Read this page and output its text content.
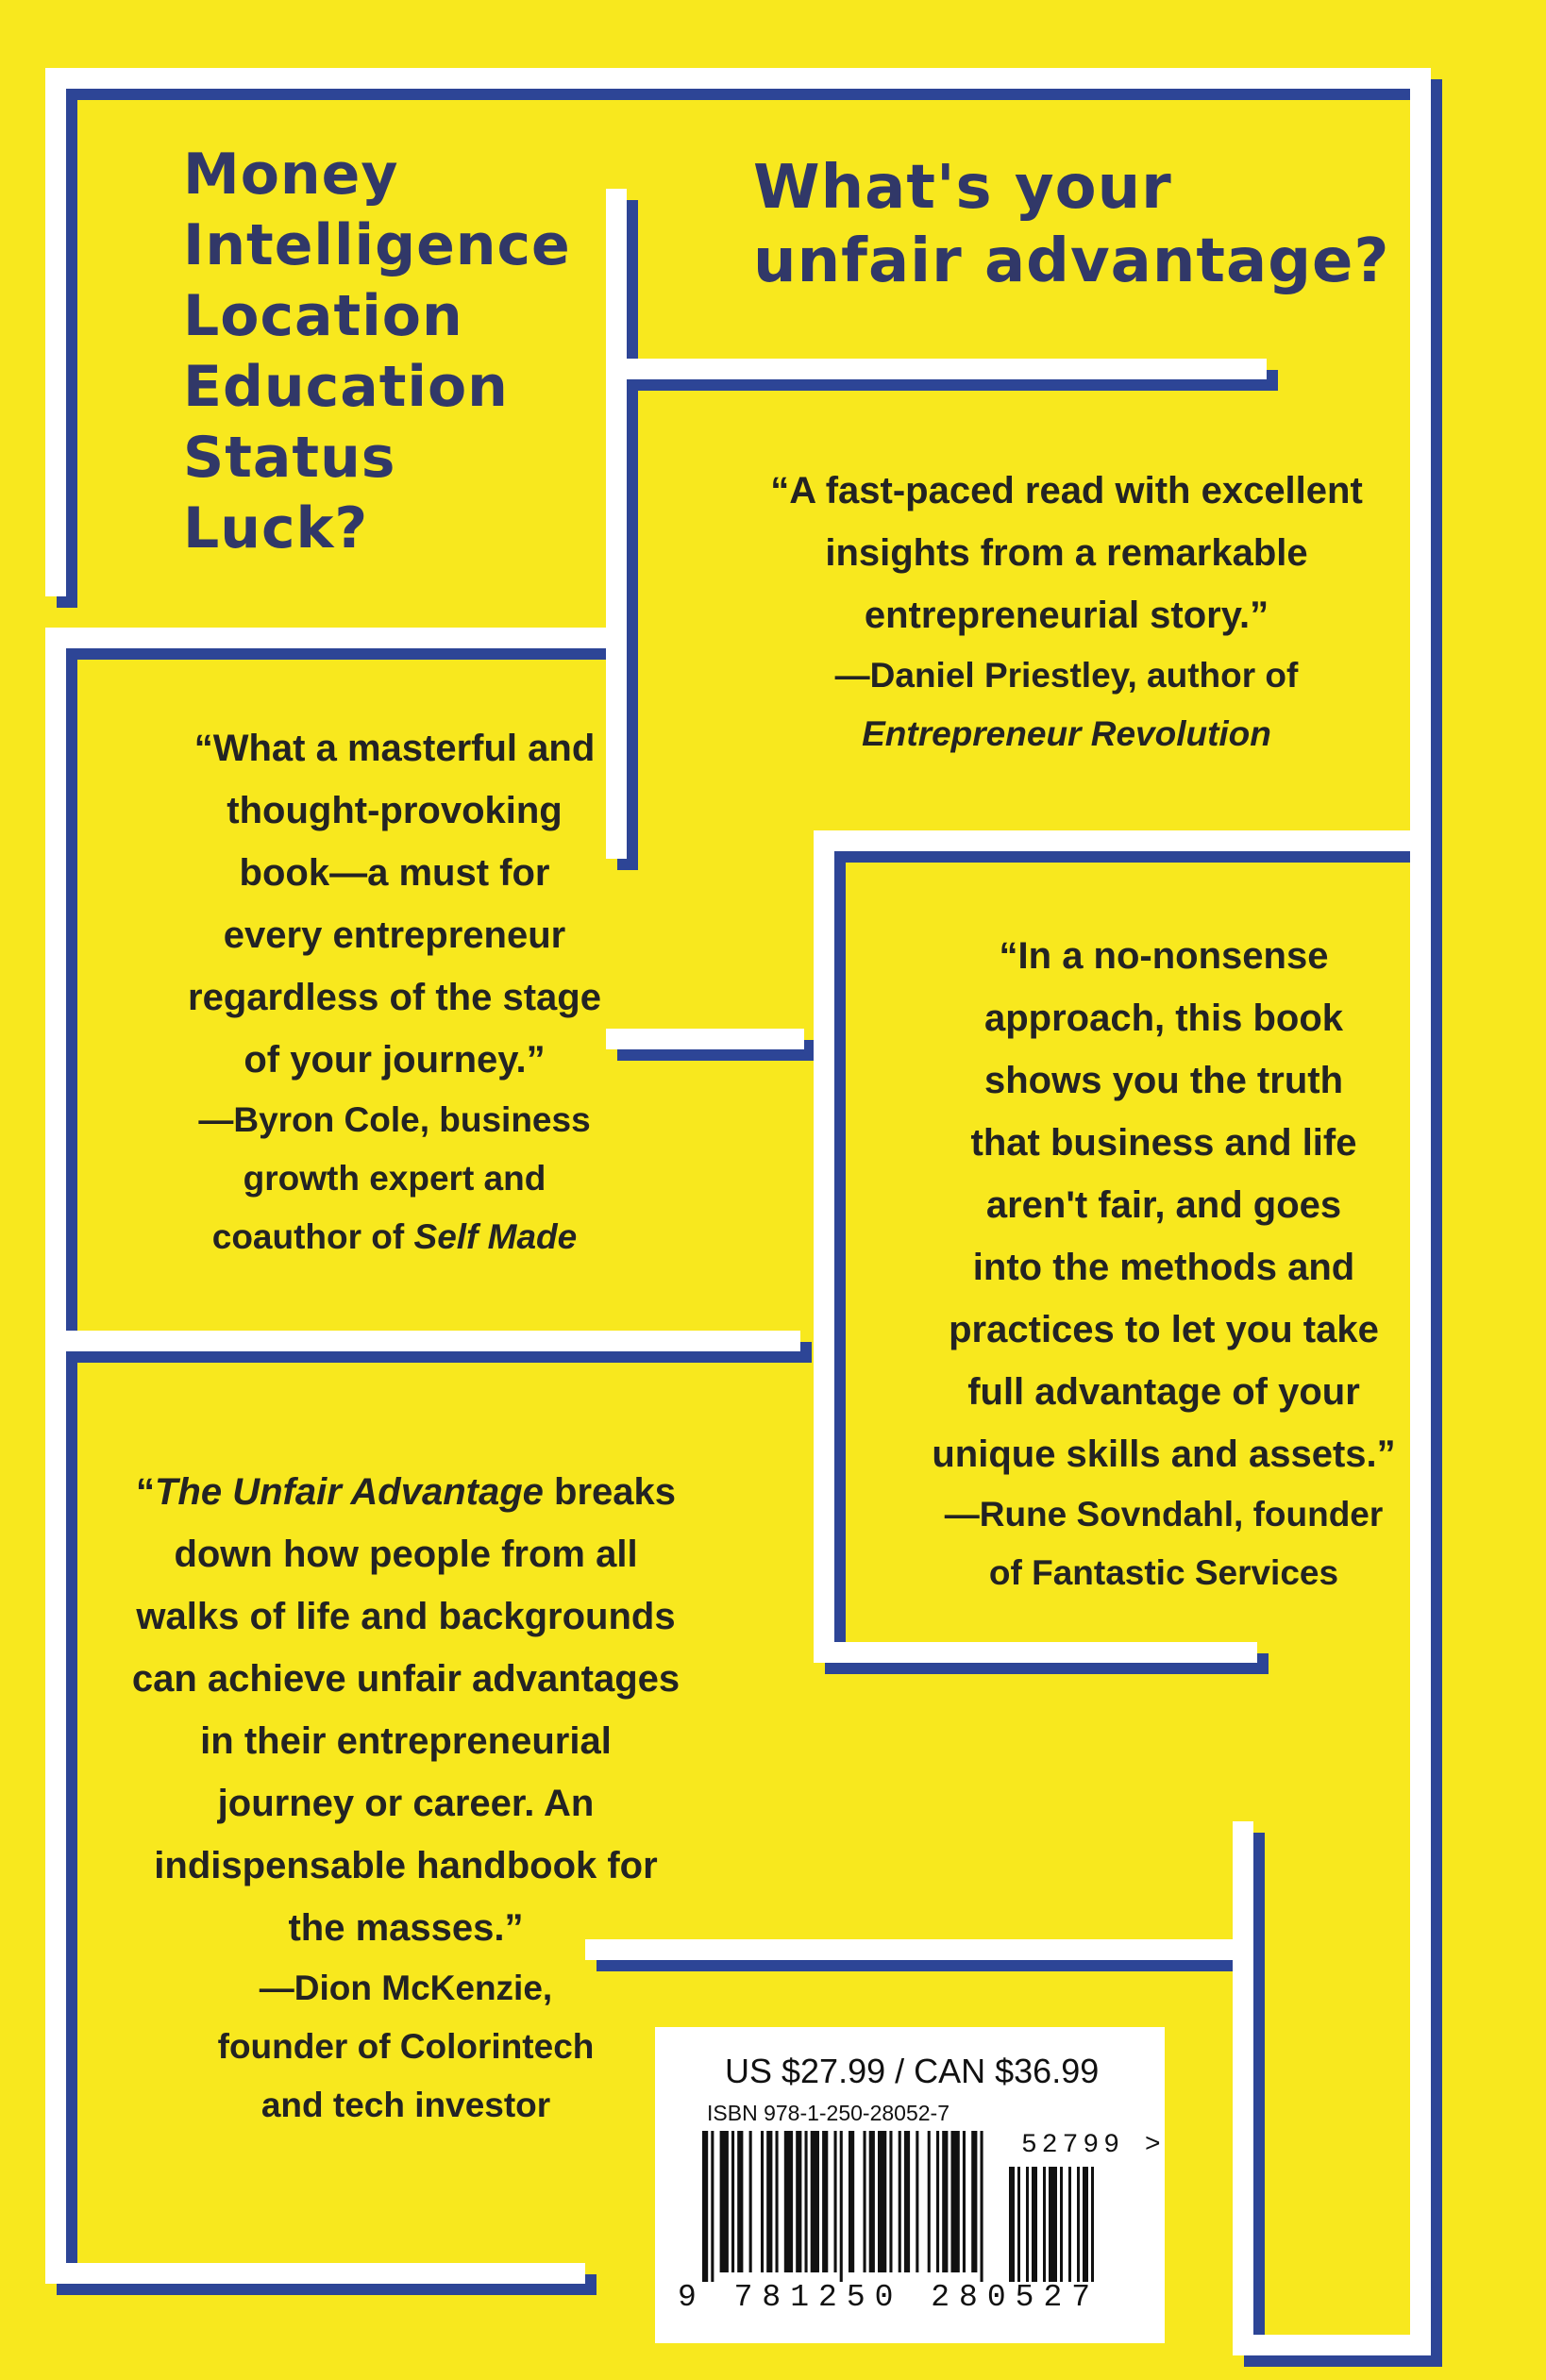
Money
Intelligence
Location
Education
Status
Luck?
What's your
unfair advantage?
“A fast-paced read with excellent
insights from a remarkable
entrepreneurial story.”
—Daniel Priestley, author of
Entrepreneur Revolution
“What a masterful and
thought-provoking
book—a must for
every entrepreneur
regardless of the stage
of your journey.”
—Byron Cole, business
growth expert and
coauthor of Self Made
“In a no-nonsense
approach, this book
shows you the truth
that business and life
aren't fair, and goes
into the methods and
practices to let you take
full advantage of your
unique skills and assets.”
—Rune Sovndahl, founder
of Fantastic Services
“The Unfair Advantage breaks
down how people from all
walks of life and backgrounds
can achieve unfair advantages
in their entrepreneurial
journey or career. An
indispensable handbook for
the masses.”
—Dion McKenzie,
founder of Colorintech
and tech investor
US $27.99 / CAN $36.99
ISBN 978-1-250-28052-7
52799 >
9 781250 280527
